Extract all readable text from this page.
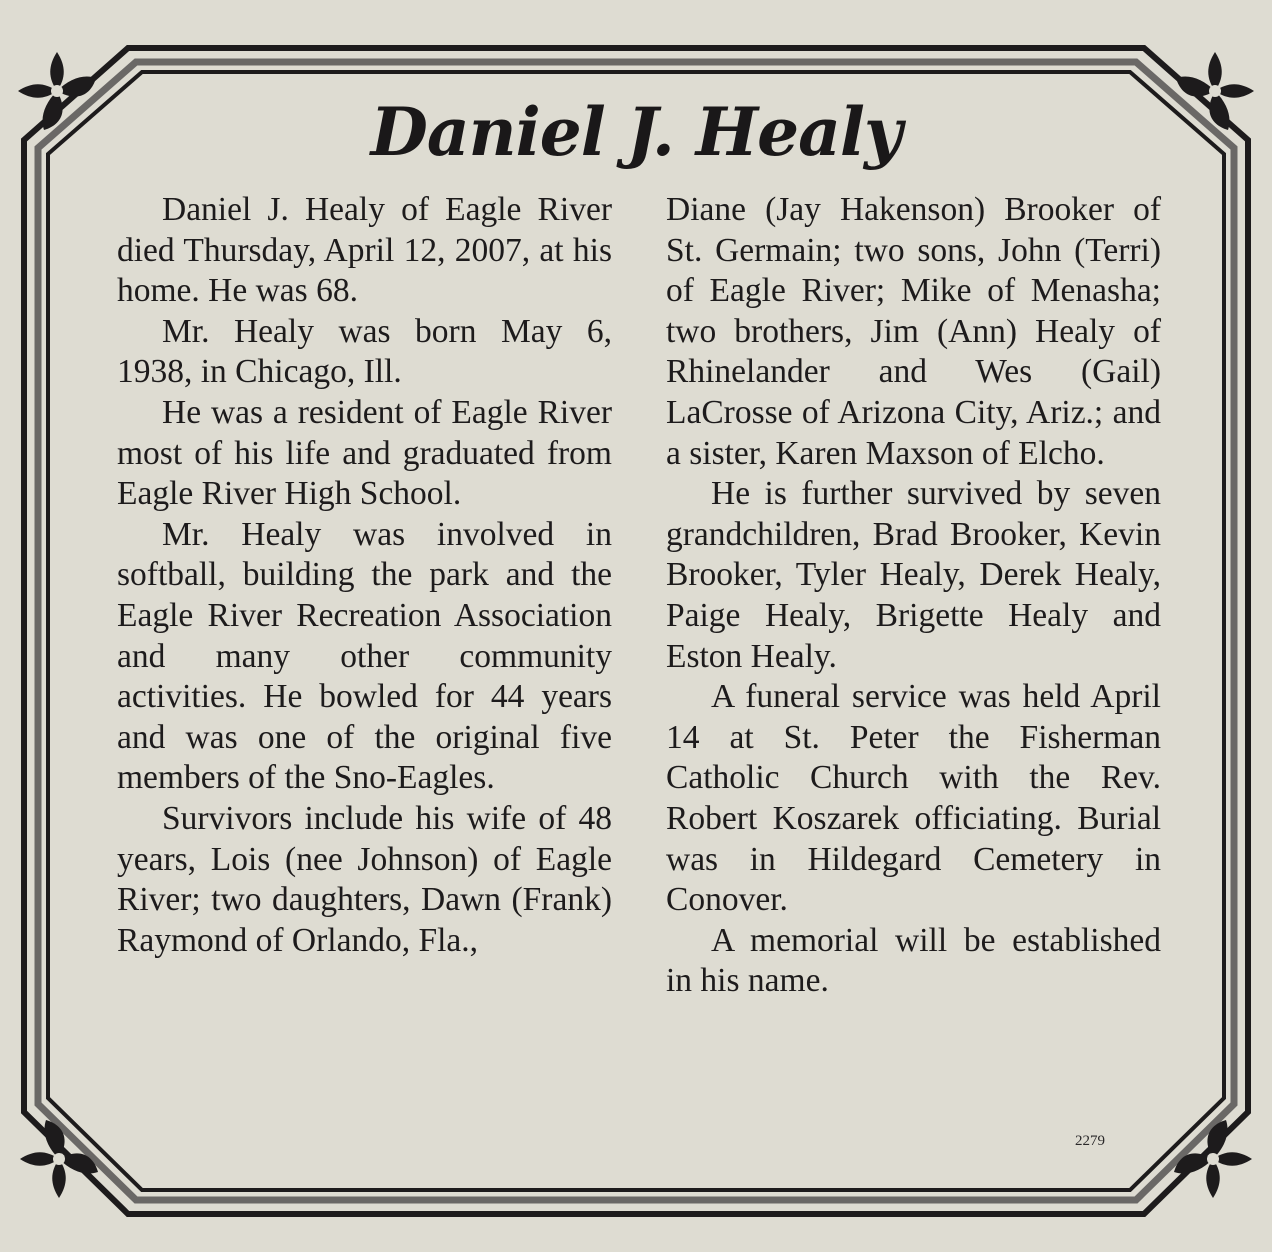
Daniel J. Healy

Daniel J. Healy of Eagle River died Thursday, April 12, 2007, at his home. He was 68.

Mr. Healy was born May 6, 1938, in Chicago, Ill.

He was a resident of Eagle River most of his life and graduated from Eagle River High School.

Mr. Healy was involved in softball, building the park and the Eagle River Recreation Association and many other community activities. He bowled for 44 years and was one of the original five members of the Sno-Eagles.

Survivors include his wife of 48 years, Lois (nee Johnson) of Eagle River; two daughters, Dawn (Frank) Raymond of Orlando, Fla.,

Diane (Jay Hakenson) Brooker of St. Germain; two sons, John (Terri) of Eagle River; Mike of Menasha; two brothers, Jim (Ann) Healy of Rhinelander and Wes (Gail) LaCrosse of Arizona City, Ariz.; and a sister, Karen Maxson of Elcho.

He is further survived by seven grandchildren, Brad Brooker, Kevin Brooker, Tyler Healy, Derek Healy, Paige Healy, Brigette Healy and Eston Healy.

A funeral service was held April 14 at St. Peter the Fisherman Catholic Church with the Rev. Robert Koszarek officiating. Burial was in Hildegard Cemetery in Conover.

A memorial will be established in his name.

2279
